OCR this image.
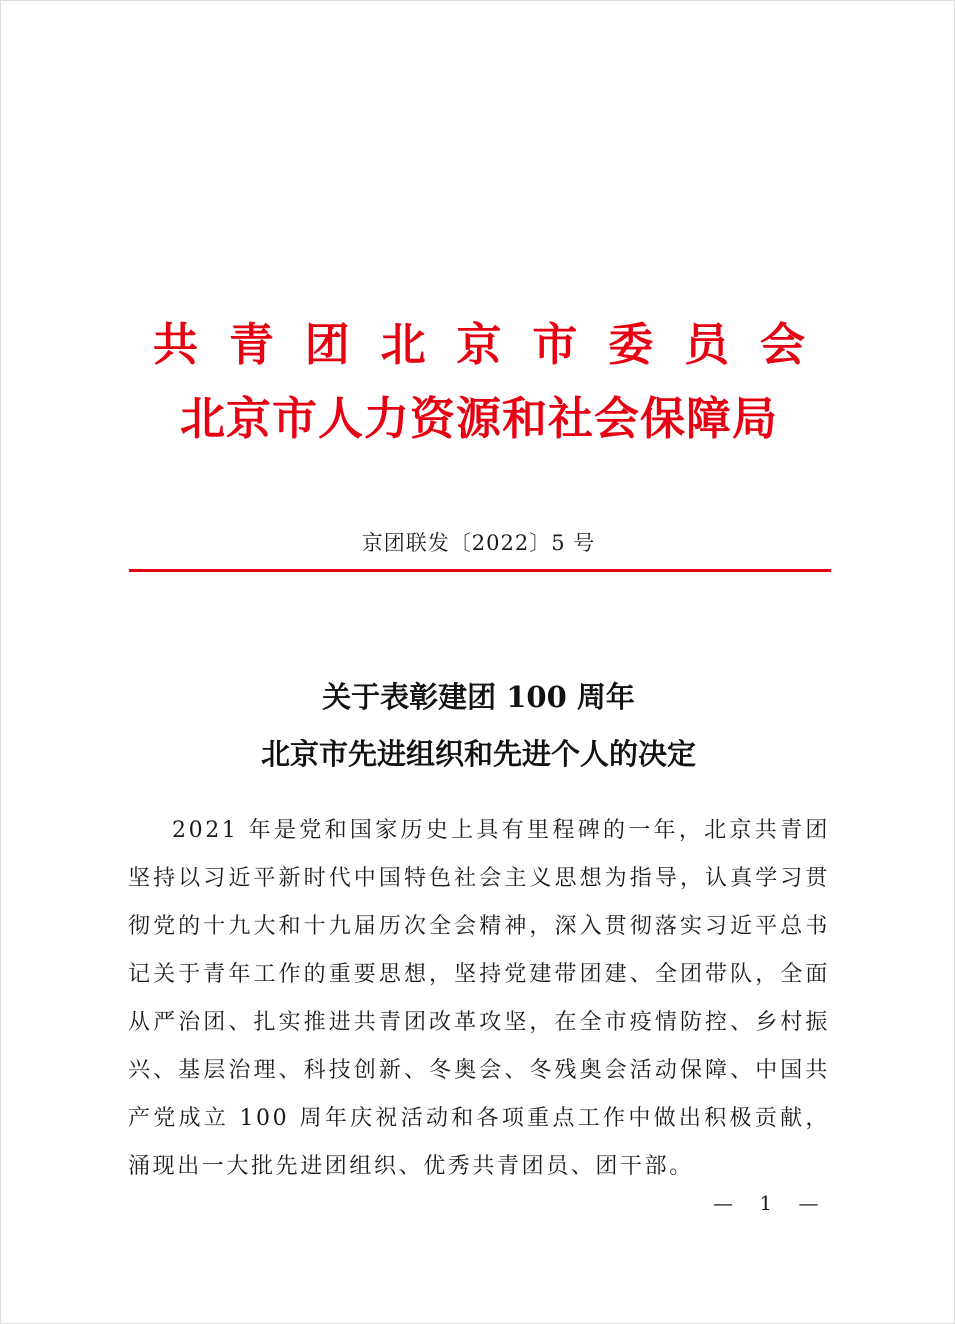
共青团北京市委员会
北京市人力资源和社会保障局
京团联发〔2022〕5 号
关于表彰建团 100 周年
北京市先进组织和先进个人的决定

2021 年是党和国家历史上具有里程碑的一年，北京共青团坚持以习近平新时代中国特色社会主义思想为指导，认真学习贯彻党的十九大和十九届历次全会精神，深入贯彻落实习近平总书记关于青年工作的重要思想，坚持党建带团建、全团带队，全面从严治团、扎实推进共青团改革攻坚，在全市疫情防控、乡村振兴、基层治理、科技创新、冬奥会、冬残奥会活动保障、中国共产党成立 100 周年庆祝活动和各项重点工作中做出积极贡献，涌现出一大批先进团组织、优秀共青团员、团干部。

— 1 —
